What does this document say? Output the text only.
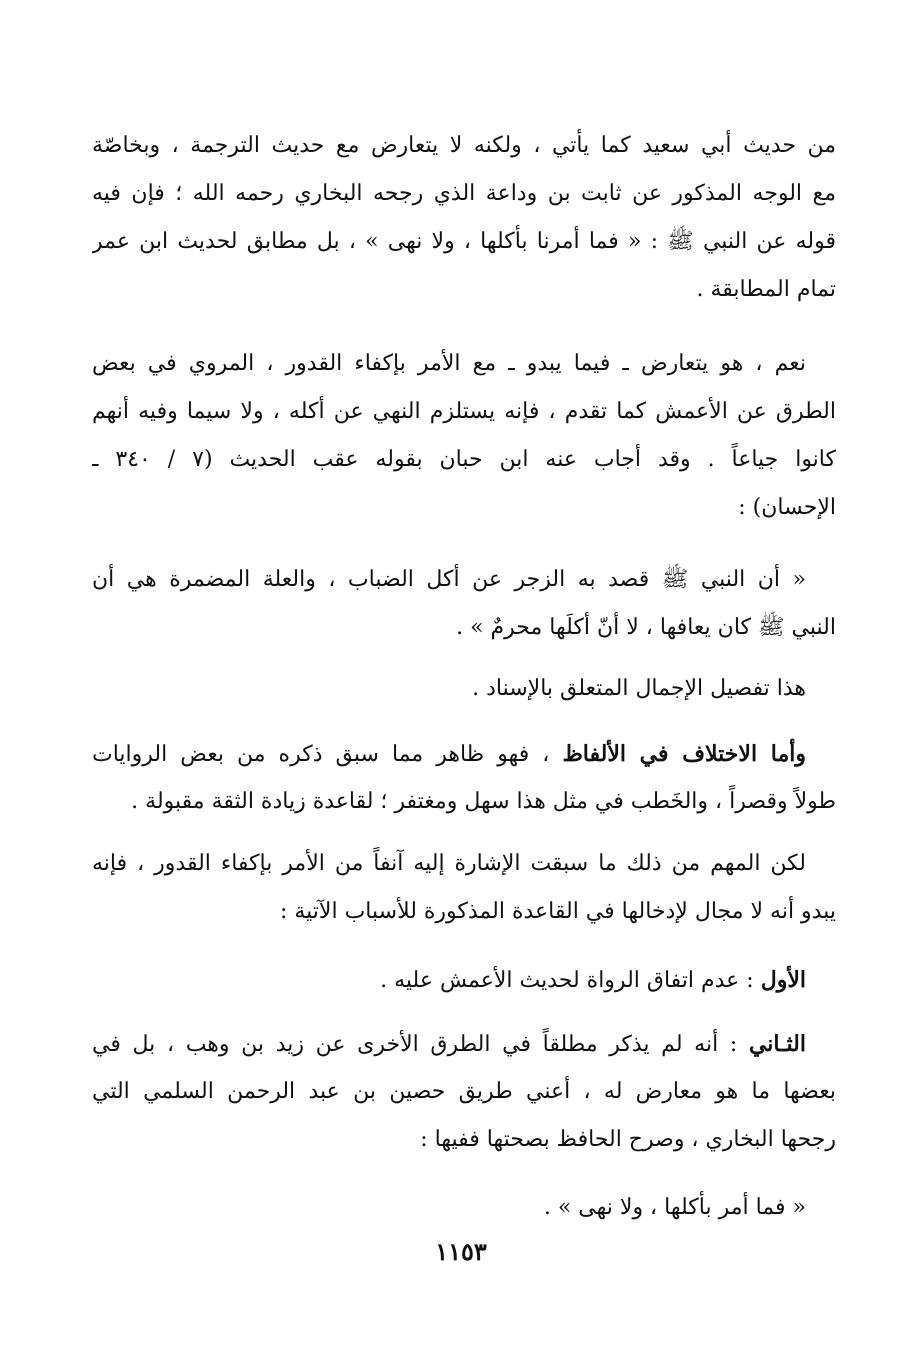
من حديث أبي سعيد كما يأتي ، ولكنه لا يتعارض مع حديث الترجمة ، وبخاصّة
مع الوجه المذكور عن ثابت بن وداعة الذي رجحه البخاري رحمه الله ؛ فإن فيه
قوله عن النبي ﷺ : « فما أمرنا بأكلها ، ولا نهى » ، بل مطابق لحديث ابن عمر
تمام المطابقة .
نعم ، هو يتعارض ـ فيما يبدو ـ مع الأمر بإكفاء القدور ، المروي في بعض
الطرق عن الأعمش كما تقدم ، فإنه يستلزم النهي عن أكله ، ولا سيما وفيه أنهم
كانوا جياعاً . وقد أجاب عنه ابن حبان بقوله عقب الحديث (٧ / ٣٤٠ ـ
الإحسان) :
« أن النبي ﷺ قصد به الزجر عن أكل الضباب ، والعلة المضمرة هي أن
النبي ﷺ كان يعافها ، لا أنّ أكلَها محرمٌ » .
هذا تفصيل الإجمال المتعلق بالإسناد .
وأما الاختلاف في الألفاظ ، فهو ظاهر مما سبق ذكره من بعض الروايات
طولاً وقصراً ، والخَطب في مثل هذا سهل ومغتفر ؛ لقاعدة زيادة الثقة مقبولة .
لكن المهم من ذلك ما سبقت الإشارة إليه آنفاً من الأمر بإكفاء القدور ، فإنه
يبدو أنه لا مجال لإدخالها في القاعدة المذكورة للأسباب الآتية :
الأول : عدم اتفاق الرواة لحديث الأعمش عليه .
الثـاني : أنه لم يذكر مطلقاً في الطرق الأخرى عن زيد بن وهب ، بل في
بعضها ما هو معارض له ، أعني طريق حصين بن عبد الرحمن السلمي التي
رجحها البخاري ، وصرح الحافظ بصحتها ففيها :
« فما أمر بأكلها ، ولا نهى » .
١١٥٣
